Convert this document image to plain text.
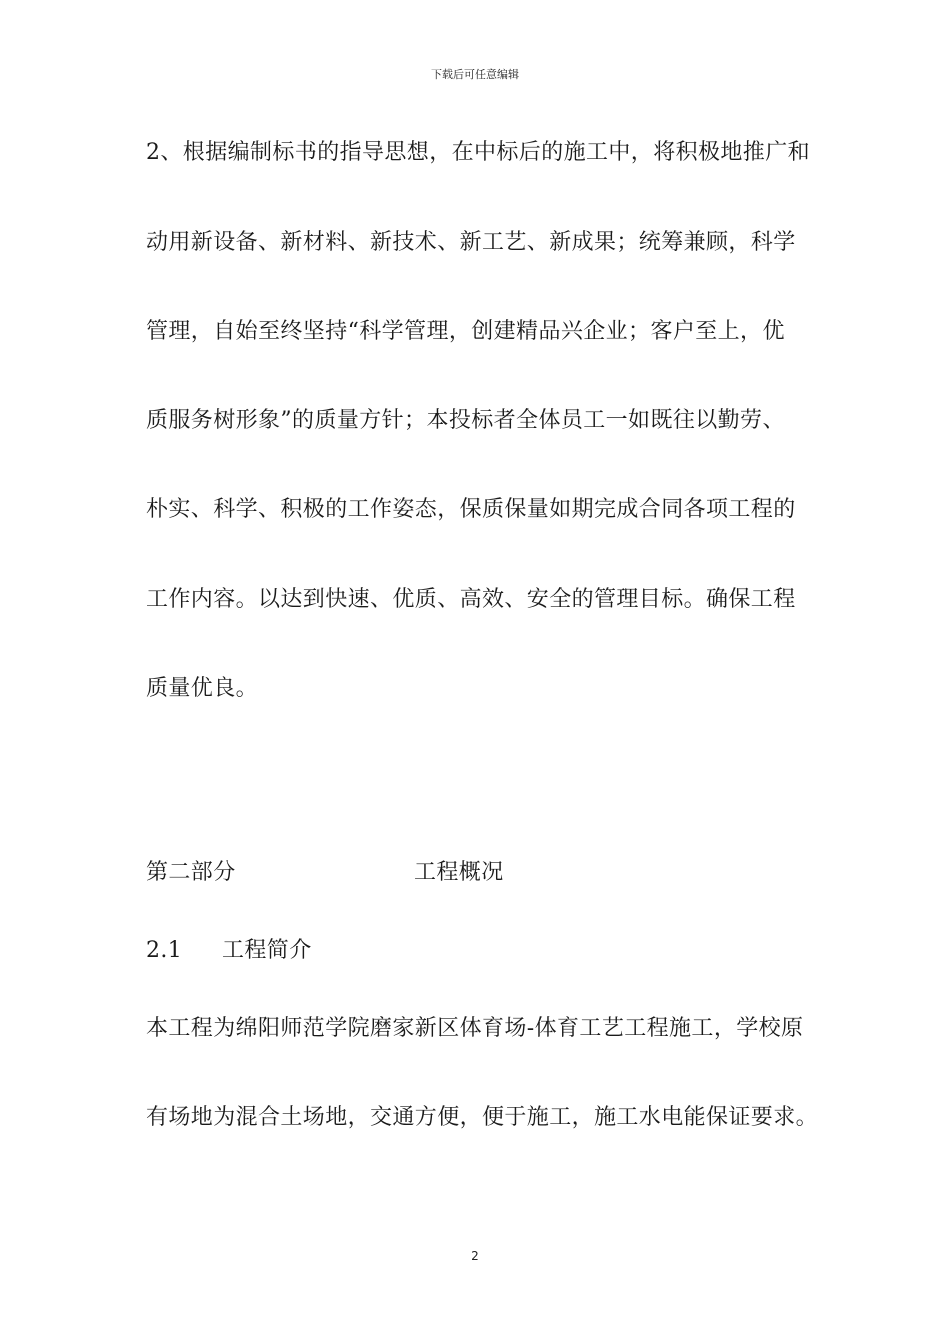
下载后可任意编辑
2、根据编制标书的指导思想，在中标后的施工中，将积极地推广和
动用新设备、新材料、新技术、新工艺、新成果；统筹兼顾，科学
管理，自始至终坚持“科学管理，创建精品兴企业；客户至上，优
质服务树形象”的质量方针；本投标者全体员工一如既往以勤劳、
朴实、科学、积极的工作姿态，保质保量如期完成合同各项工程的
工作内容。以达到快速、优质、高效、安全的管理目标。确保工程
质量优良。
第二部分	工程概况
2.1 工程简介
本工程为绵阳师范学院磨家新区体育场-体育工艺工程施工，学校原
有场地为混合土场地，交通方便，便于施工，施工水电能保证要求。
2
